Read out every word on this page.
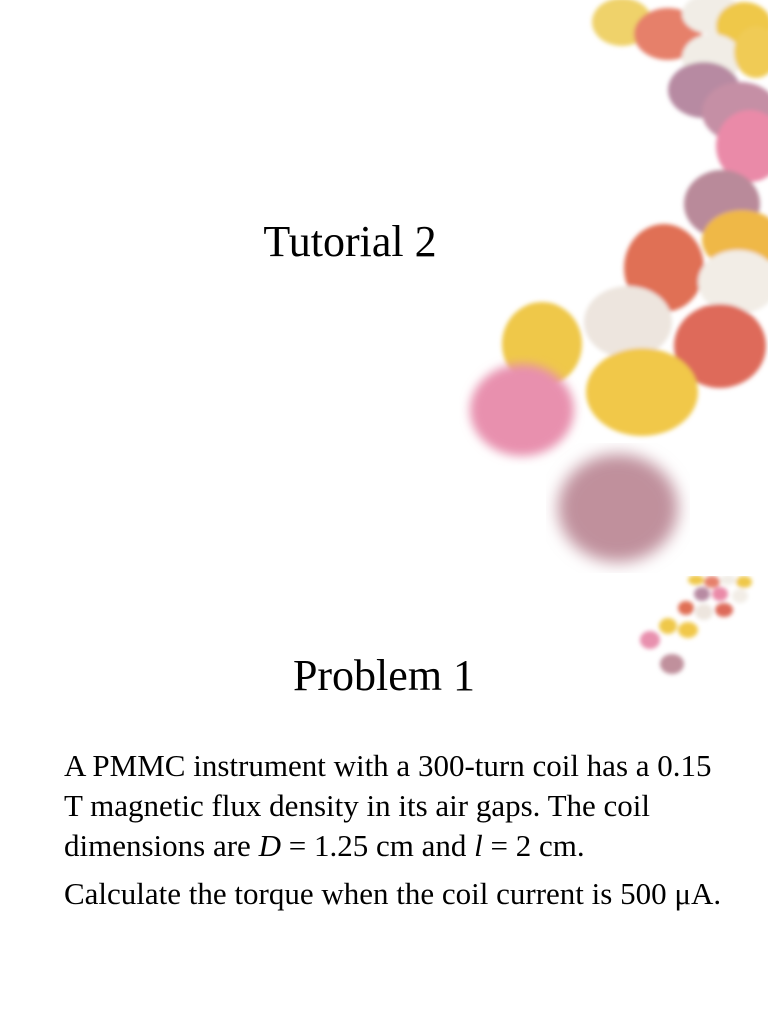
Tutorial 2
Problem 1

A PMMC instrument with a 300-turn coil has a 0.15 T magnetic flux density in its air gaps. The coil dimensions are D = 1.25 cm and l = 2 cm.

Calculate the torque when the coil current is 500 μA.
